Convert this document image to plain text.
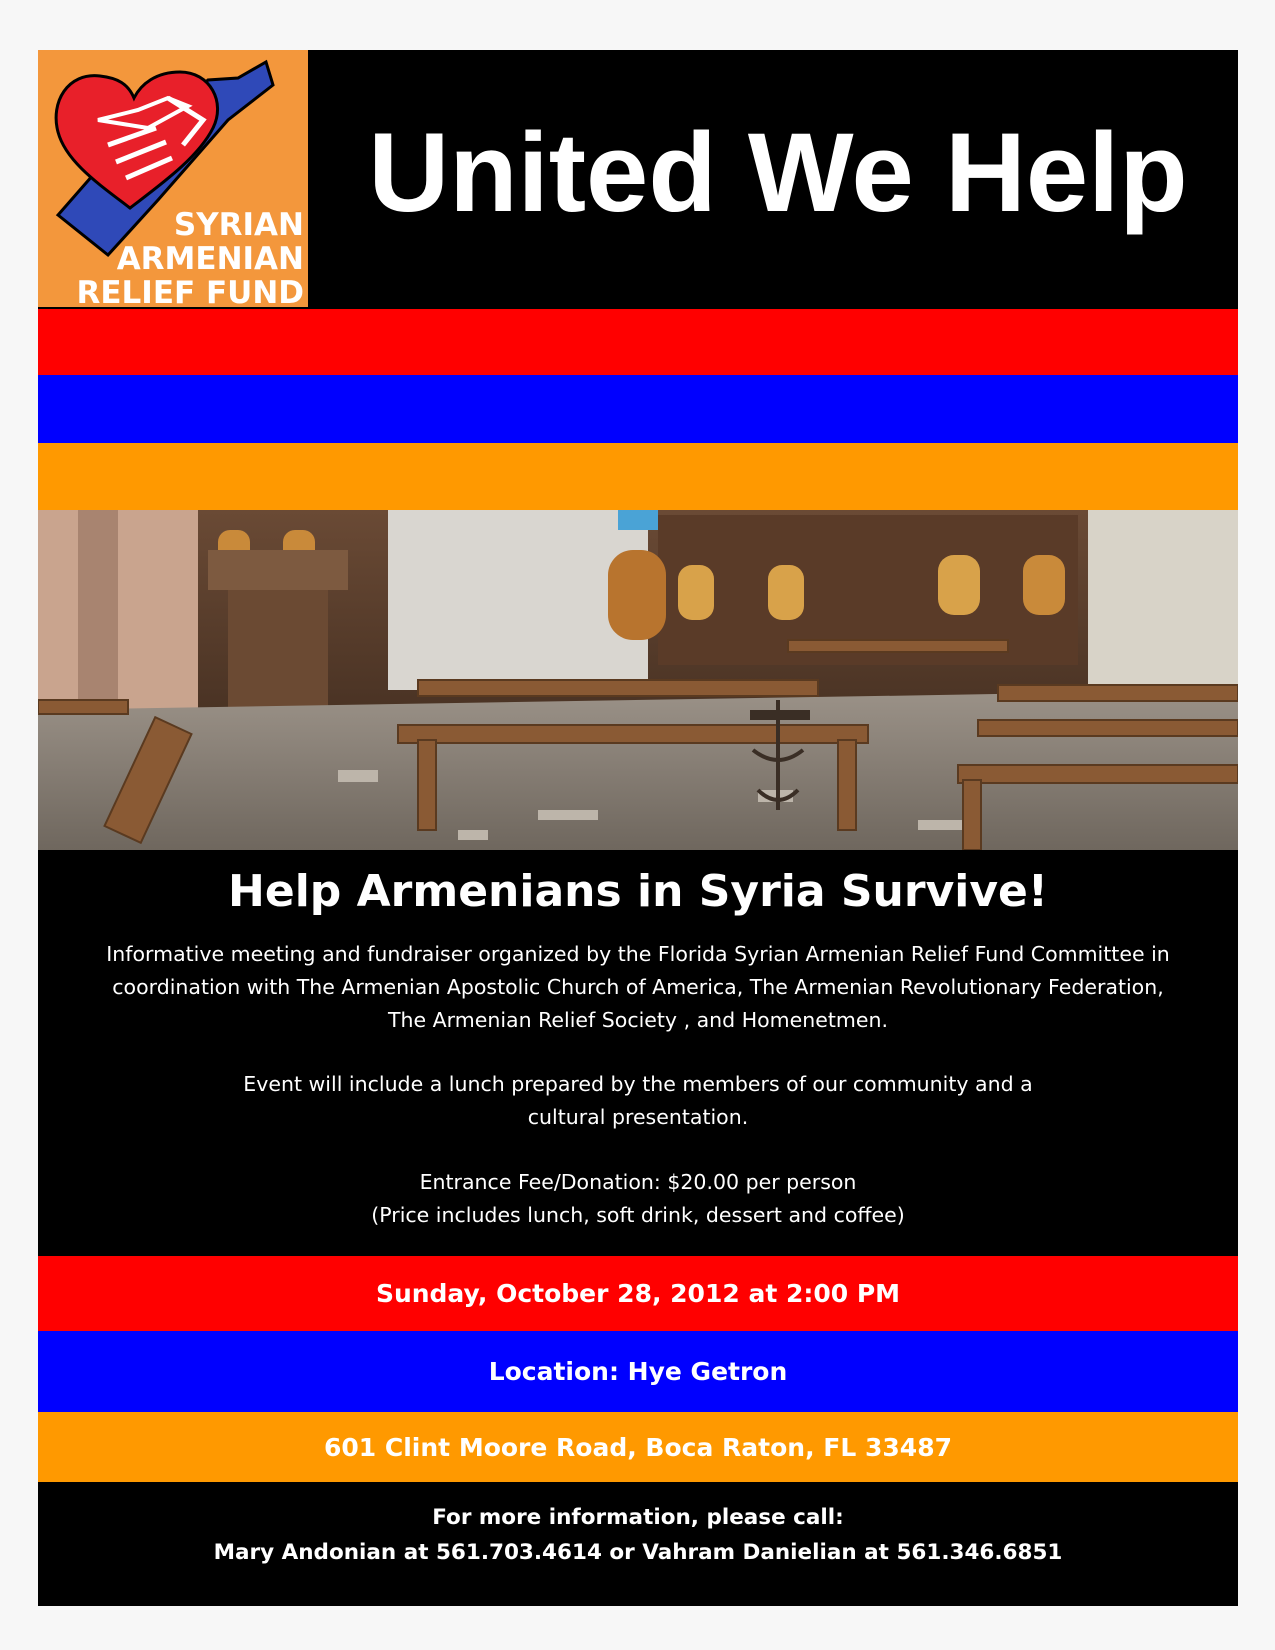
SYRIAN
ARMENIAN
RELIEF FUND
United We Help
Help Armenians in Syria Survive!
Informative meeting and fundraiser organized by the Florida Syrian Armenian Relief Fund Committee in
coordination with The Armenian Apostolic Church of America, The Armenian Revolutionary Federation,
The Armenian Relief Society , and Homenetmen.
Event will include a lunch prepared by the members of our community and a
cultural presentation.
Entrance Fee/Donation: $20.00 per person
(Price includes lunch, soft drink, dessert and coffee)
Sunday, October 28, 2012 at 2:00 PM
Location: Hye Getron
601 Clint Moore Road, Boca Raton, FL 33487
For more information, please call:
Mary Andonian at 561.703.4614 or Vahram Danielian at 561.346.6851
